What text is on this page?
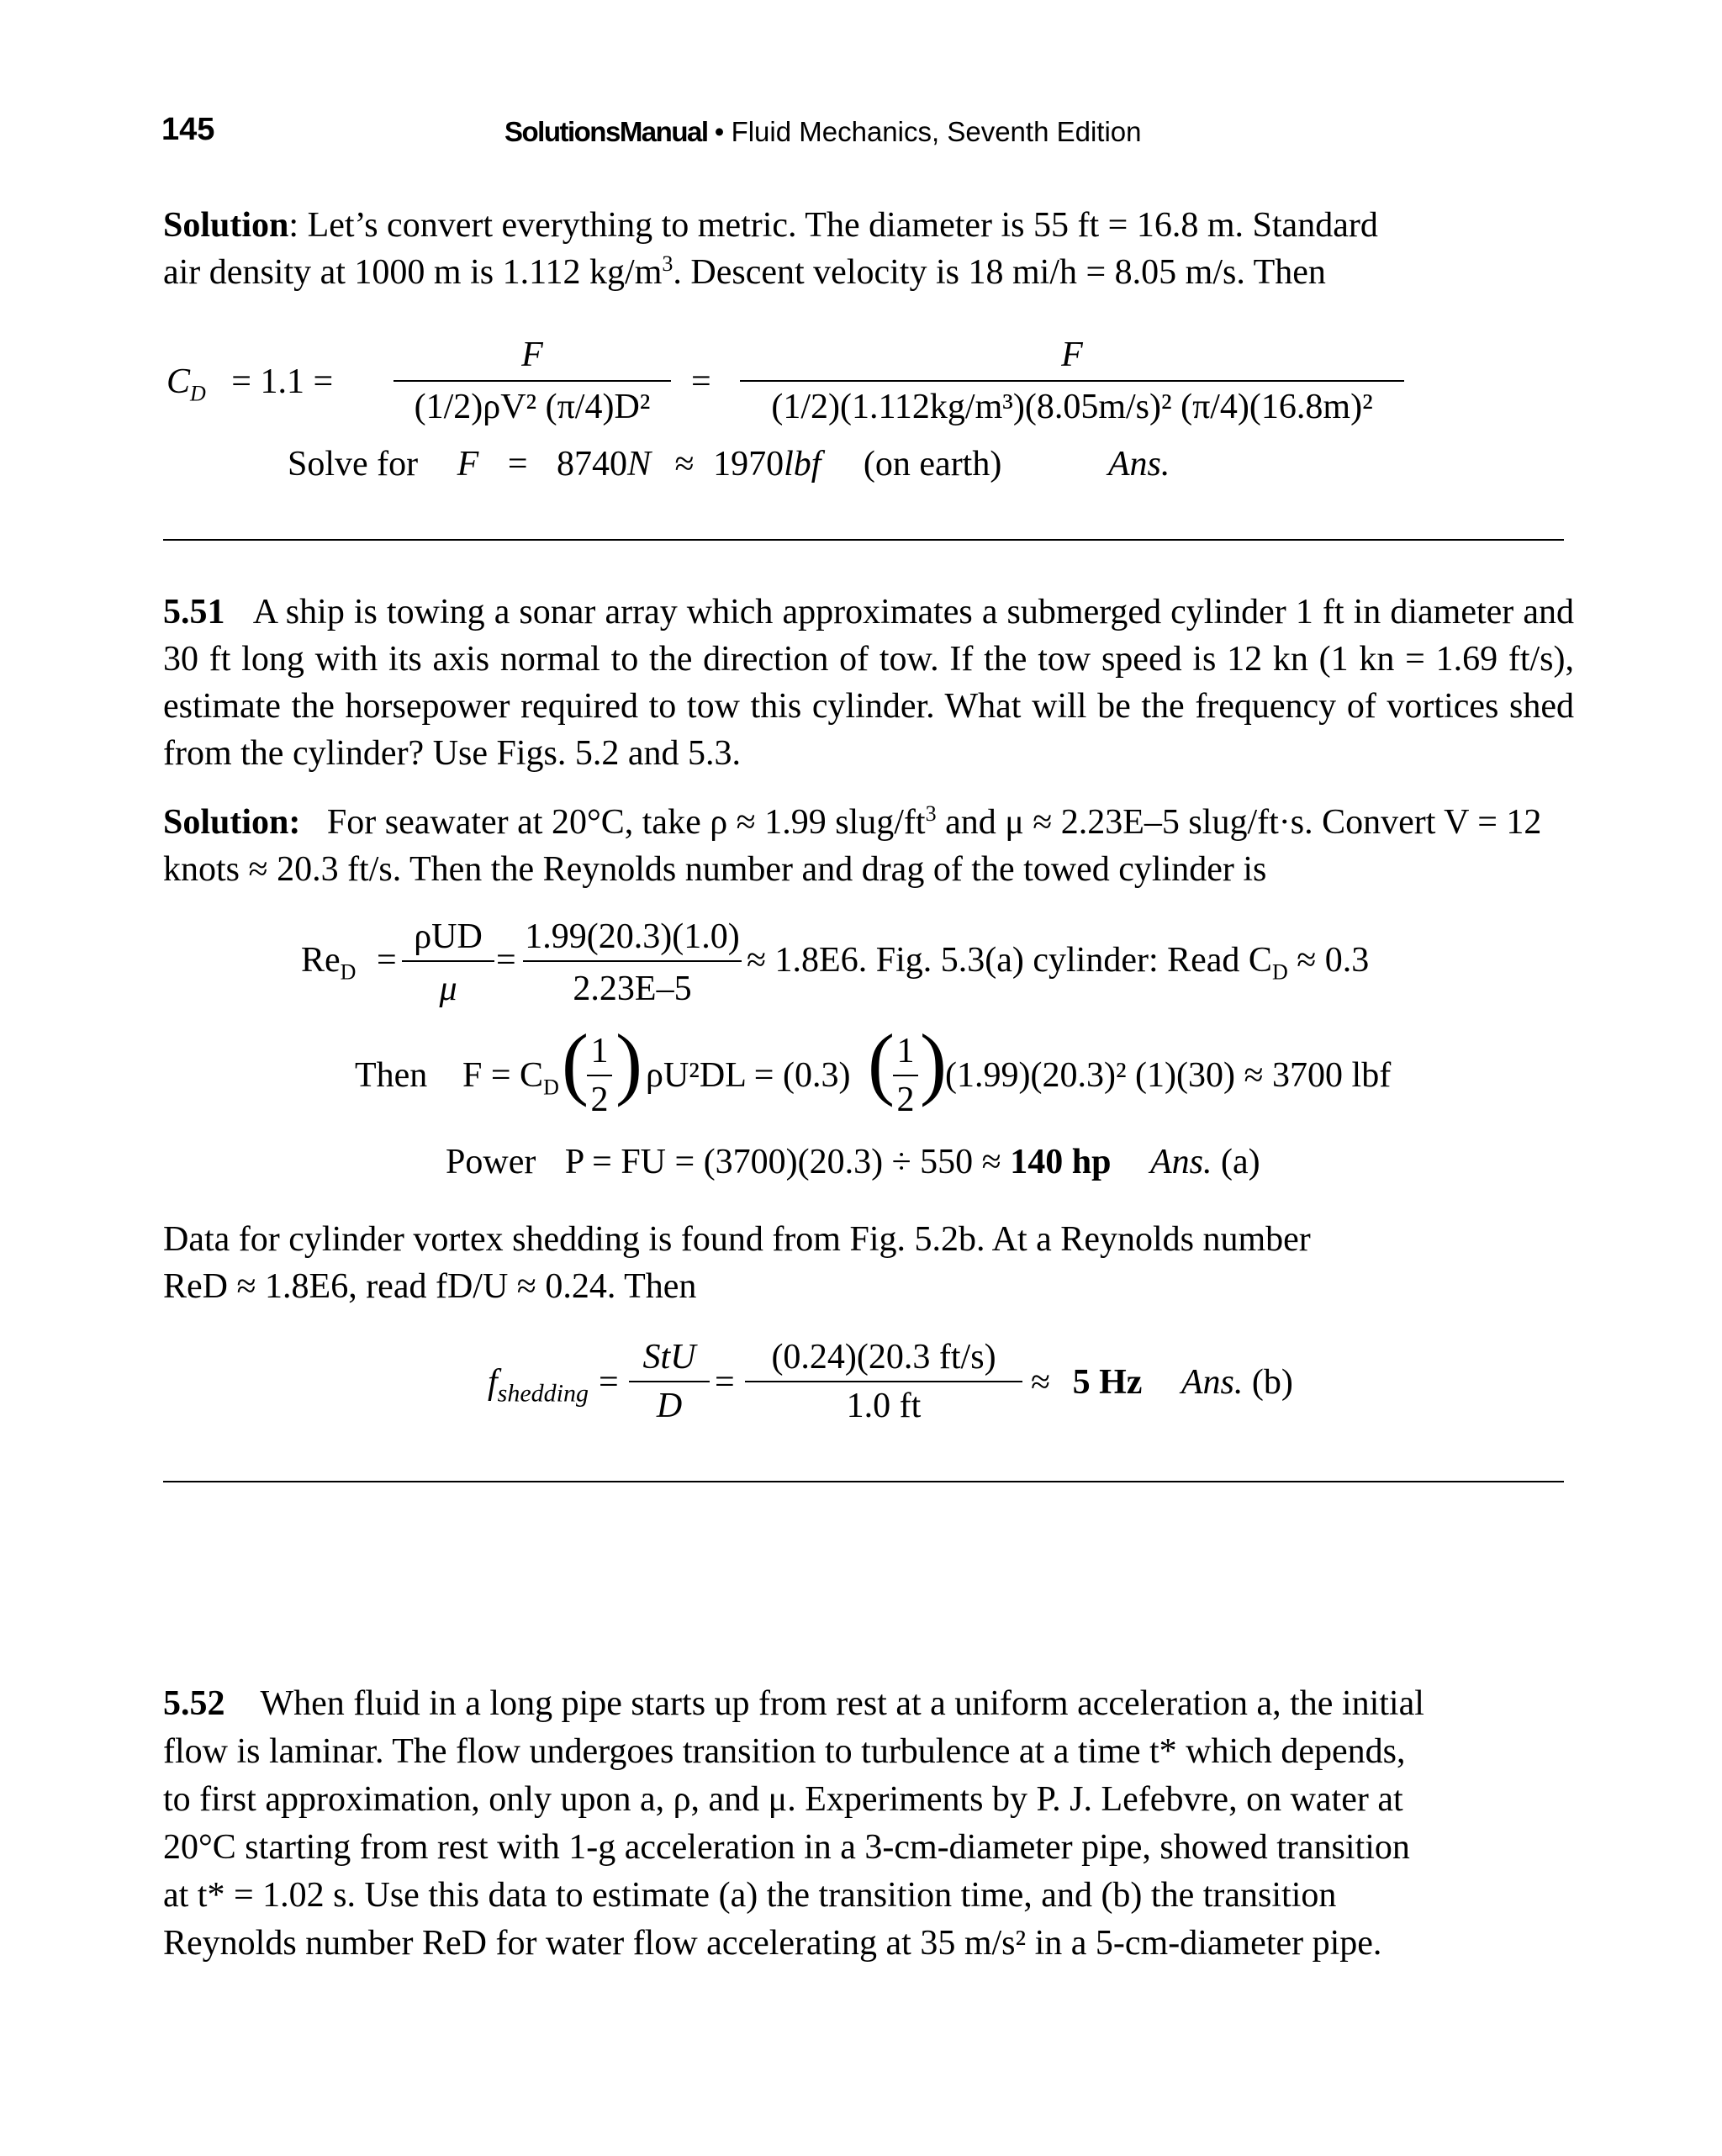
145	SolutionsManual • Fluid Mechanics, Seventh Edition
Solution: Let’s convert everything to metric. The diameter is 55 ft = 16.8 m. Standard
air density at 1000 m is 1.112 $kg/m^3$. Descent velocity is 18 mi/h = 8.05 m/s. Then
$C_D = 1.1$ =
F
(1/2)ρV² (π/4)D²
=
F
(1/2)(1.112kg/m³)(8.05m/s)² (π/4)(16.8m)²
Solve for F = 8740N ≈ 1970lbf (on earth)	Ans.
5.51 A ship is towing a sonar array which approximates a submerged cylinder 1 ft in diameter and 30 ft long with its axis normal to the direction of tow. If the tow speed is 12 kn (1 kn = 1.69 ft/s), estimate the horsepower required to tow this cylinder. What will be the frequency of vortices shed from the cylinder? Use Figs. 5.2 and 5.3.
Solution: For seawater at 20°C, take ρ ≈ 1.99 slug/$ft^3$ and μ ≈ 2.23E–5 slug/ft·s. Convert V = 12
knots ≈ 20.3 ft/s. Then the Reynolds number and drag of the towed cylinder is
$Re_D$ =
ρUD
μ
=
1.99(20.3)(1.0)
2.23E–5
≈ 1.8E6. Fig. 5.3(a) cylinder: Read $C_D \approx 0.3$
Then $F = C_D$ ( 1
2 ) ρU²DL = (0.3) ( 1
2 )
(1.99)(20.3)² (1)(30) ≈ 3700 lbf
Power P = FU = (3700)(20.3) ÷ 550 ≈ 140 hp Ans. (a)
Data for cylinder vortex shedding is found from Fig. 5.2b. At a Reynolds number
ReD ≈ 1.8E6, read fD/U ≈ 0.24. Then
$f_{shedding}$ =
StU
D
=
(0.24)(20.3 ft/s)
1.0 ft
≈ 5 Hz Ans. (b)
5.52 When fluid in a long pipe starts up from rest at a uniform acceleration a, the initial
flow is laminar. The flow undergoes transition to turbulence at a time t* which depends,
to first approximation, only upon a, ρ, and μ. Experiments by P. J. Lefebvre, on water at
20°C starting from rest with 1-g acceleration in a 3-cm-diameter pipe, showed transition
at t* = 1.02 s. Use this data to estimate (a) the transition time, and (b) the transition
Reynolds number ReD for water flow accelerating at 35 m/s² in a 5-cm-diameter pipe.
